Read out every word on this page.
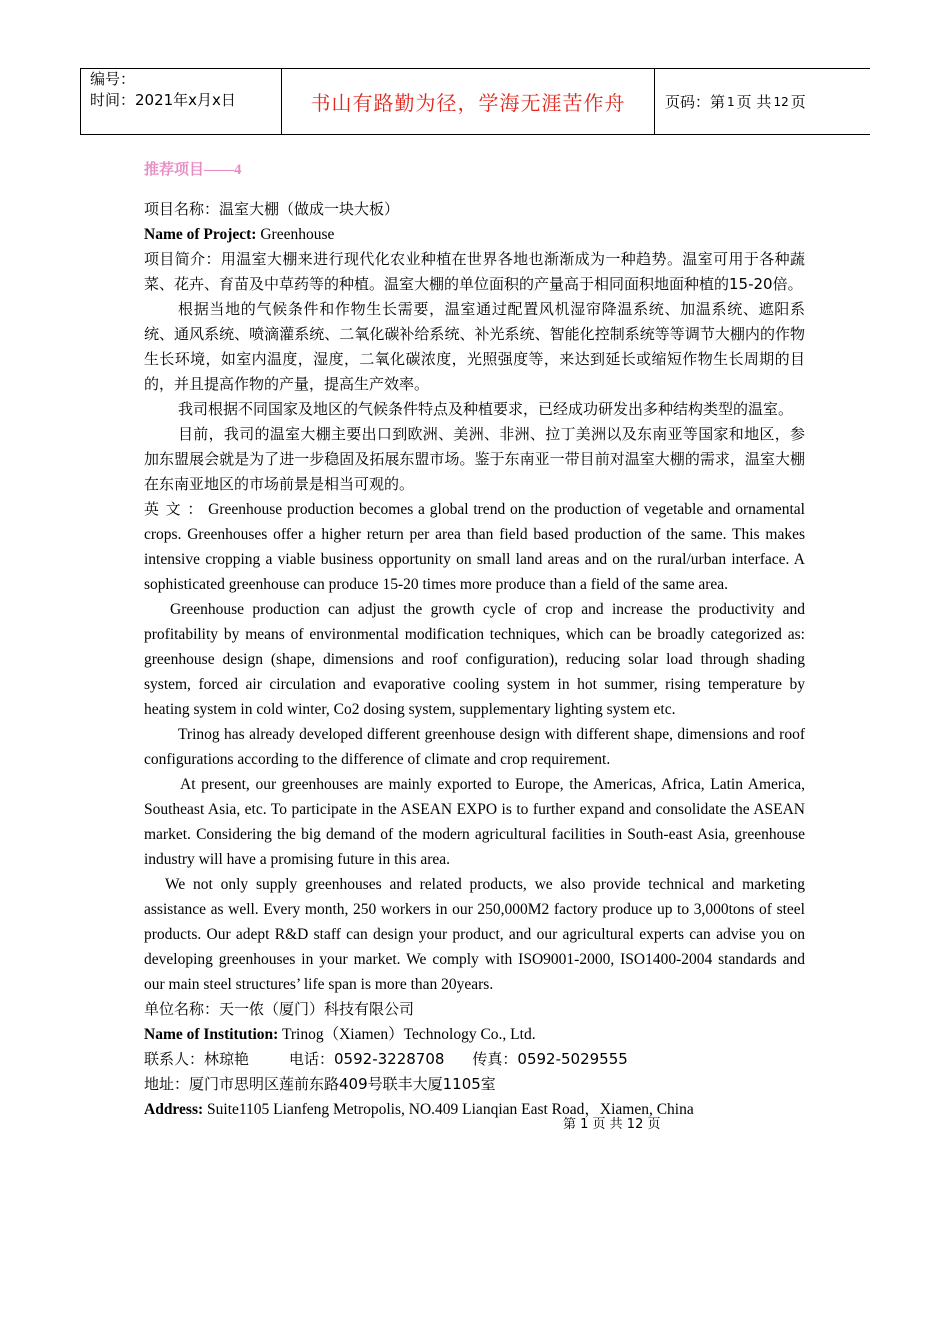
编号：
时间：2021年x月x日	书山有路勤为径，学海无涯苦作舟	页码：第 1 页 共 12 页
推荐项目——4

项目名称：温室大棚（做成一块大板）

Name of Project: Greenhouse

项目简介：用温室大棚来进行现代化农业种植在世界各地也渐渐成为一种趋势。温室可用于各种蔬菜、花卉、育苗及中草药等的种植。温室大棚的单位面积的产量高于相同面积地面种植的15-20倍。

根据当地的气候条件和作物生长需要，温室通过配置风机湿帘降温系统、加温系统、遮阳系统、通风系统、喷滴灌系统、二氧化碳补给系统、补光系统、智能化控制系统等等调节大棚内的作物生长环境，如室内温度，湿度，二氧化碳浓度，光照强度等，来达到延长或缩短作物生长周期的目的，并且提高作物的产量，提高生产效率。

我司根据不同国家及地区的气候条件特点及种植要求，已经成功研发出多种结构类型的温室。

目前，我司的温室大棚主要出口到欧洲、美洲、非洲、拉丁美洲以及东南亚等国家和地区，参加东盟展会就是为了进一步稳固及拓展东盟市场。鉴于东南亚一带目前对温室大棚的需求，温室大棚在东南亚地区的市场前景是相当可观的。

英 文 ： Greenhouse production becomes a global trend on the production of vegetable and ornamental crops. Greenhouses offer a higher return per area than field based production of the same. This makes intensive cropping a viable business opportunity on small land areas and on the rural/urban interface. A sophisticated greenhouse can produce 15-20 times more produce than a field of the same area.

Greenhouse production can adjust the growth cycle of crop and increase the productivity and profitability by means of environmental modification techniques, which can be broadly categorized as: greenhouse design (shape, dimensions and roof configuration), reducing solar load through shading system, forced air circulation and evaporative cooling system in hot summer, rising temperature by heating system in cold winter, Co2 dosing system, supplementary lighting system etc.

Trinog has already developed different greenhouse design with different shape, dimensions and roof configurations according to the difference of climate and crop requirement.

At present, our greenhouses are mainly exported to Europe, the Americas, Africa, Latin America, Southeast Asia, etc. To participate in the ASEAN EXPO is to further expand and consolidate the ASEAN market. Considering the big demand of the modern agricultural facilities in South-east Asia, greenhouse industry will have a promising future in this area.

We not only supply greenhouses and related products, we also provide technical and marketing assistance as well. Every month, 250 workers in our 250,000M2 factory produce up to 3,000tons of steel products. Our adept R&D staff can design your product, and our agricultural experts can advise you on developing greenhouses in your market. We comply with ISO9001-2000, ISO1400-2004 standards and our main steel structures’ life span is more than 20years.

单位名称：天一侬（厦门）科技有限公司

Name of Institution: Trinog（Xiamen）Technology Co., Ltd.

联系人：林琼艳	电话：0592-3228708 传真：0592-5029555

地址：厦门市思明区莲前东路409号联丰大厦1105室

Address: Suite1105 Lianfeng Metropolis, NO.409 Lianqian East Road，Xiamen, China

第 1 页 共 12 页
